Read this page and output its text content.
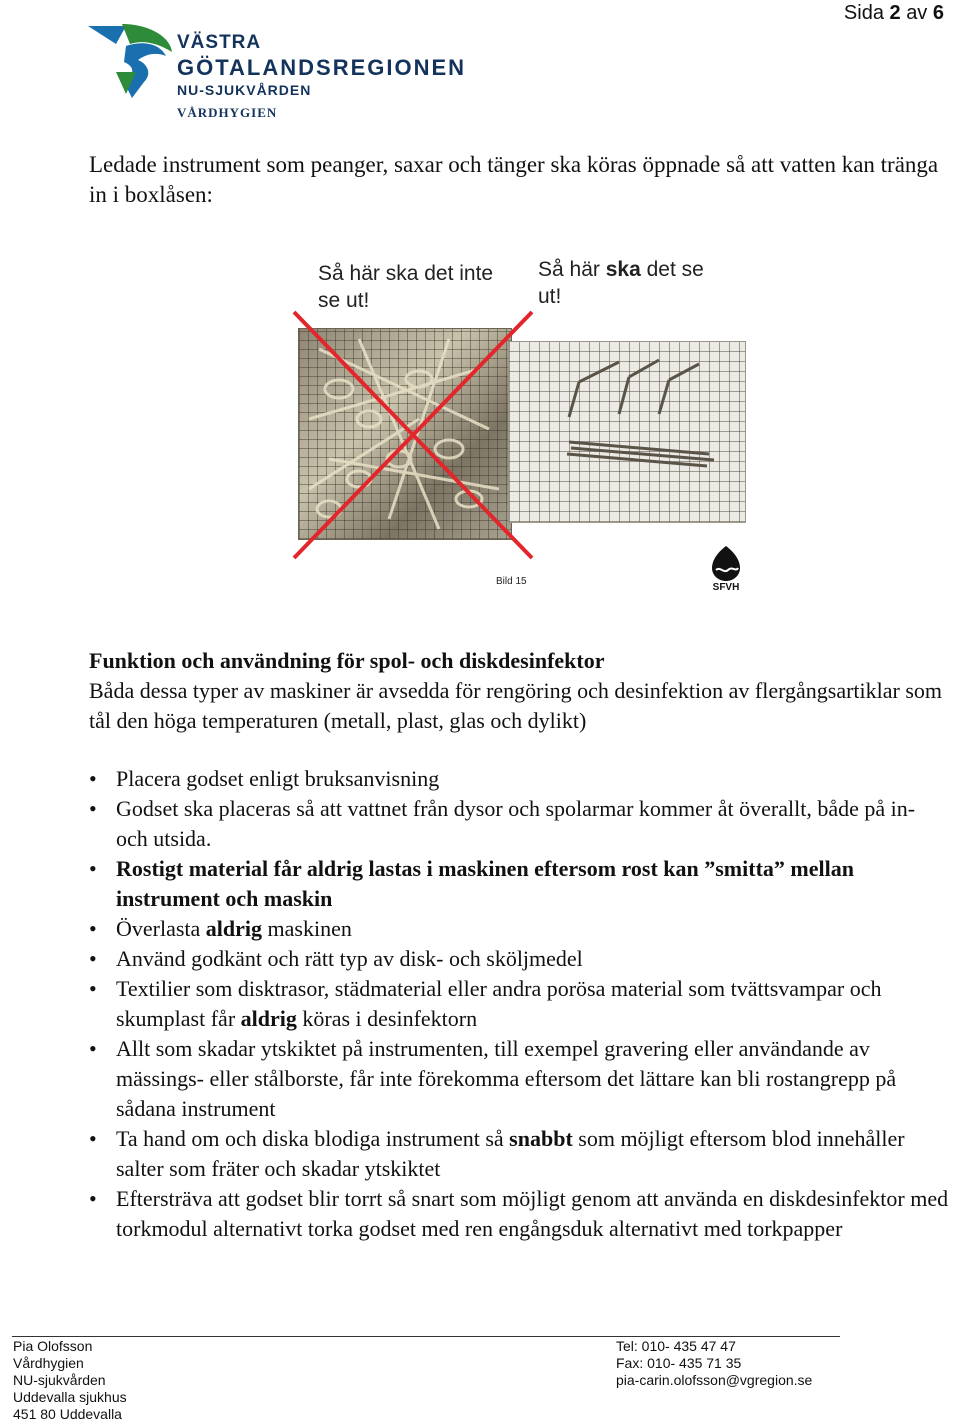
Sida 2 av 6
VÄSTRA
GÖTALANDSREGIONEN
NU-SJUKVÅRDEN
VÅRDHYGIEN
Ledade instrument som peanger, saxar och tänger ska köras öppnade så att vatten kan tränga in i boxlåsen:
Så här ska det inte se ut!
Så här ska det se ut!
Bild 15
SFVH
Funktion och användning för spol- och diskdesinfektor
Båda dessa typer av maskiner är avsedda för rengöring och desinfektion av flergångsartiklar som tål den höga temperaturen (metall, plast, glas och dylikt)
• Placera godset enligt bruksanvisning
• Godset ska placeras så att vattnet från dysor och spolarmar kommer åt överallt, både på in- och utsida.
• Rostigt material får aldrig lastas i maskinen eftersom rost kan ”smitta” mellan instrument och maskin
• Överlasta aldrig maskinen
• Använd godkänt och rätt typ av disk- och sköljmedel
• Textilier som disktrasor, städmaterial eller andra porösa material som tvättsvampar och skumplast får aldrig köras i desinfektorn
• Allt som skadar ytskiktet på instrumenten, till exempel gravering eller användande av mässings- eller stålborste, får inte förekomma eftersom det lättare kan bli rostangrepp på sådana instrument
• Ta hand om och diska blodiga instrument så snabbt som möjligt eftersom blod innehåller salter som fräter och skadar ytskiktet
• Eftersträva att godset blir torrt så snart som möjligt genom att använda en diskdesinfektor med torkmodul alternativt torka godset med ren engångsduk alternativt med torkpapper
Pia Olofsson
Vårdhygien
NU-sjukvården
Uddevalla sjukhus
451 80 Uddevalla
Tel: 010- 435 47 47
Fax: 010- 435 71 35
pia-carin.olofsson@vgregion.se
